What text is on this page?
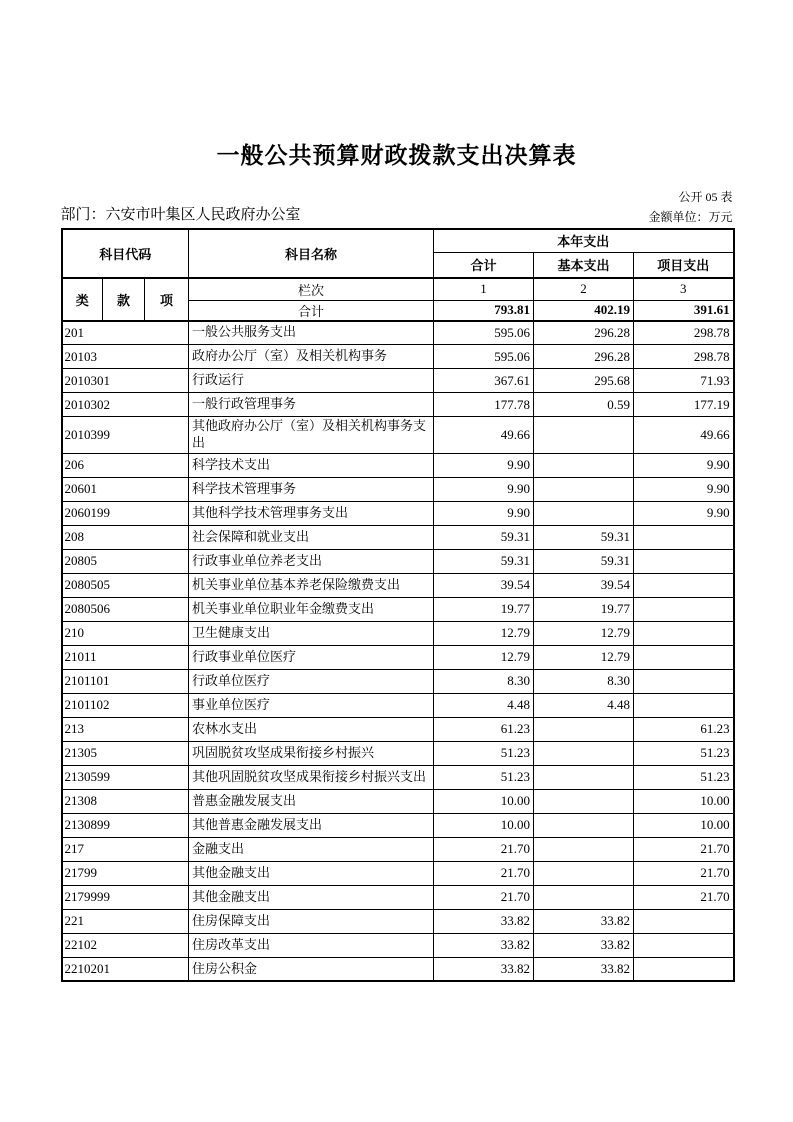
一般公共预算财政拨款支出决算表
公开 05 表
部门：六安市叶集区人民政府办公室	金额单位：万元
科目代码			科目名称	本年支出		
				合计	基本支出	项目支出
类	款	项	栏次	1	2	3
			合计	793.81	402.19	391.61
201			一般公共服务支出	595.06	296.28	298.78
20103			政府办公厅（室）及相关机构事务	595.06	296.28	298.78
2010301			行政运行	367.61	295.68	71.93
2010302			一般行政管理事务	177.78	0.59	177.19
2010399			其他政府办公厅（室）及相关机构事务支出	49.66		49.66
206			科学技术支出	9.90		9.90
20601			科学技术管理事务	9.90		9.90
2060199			其他科学技术管理事务支出	9.90		9.90
208			社会保障和就业支出	59.31	59.31	
20805			行政事业单位养老支出	59.31	59.31	
2080505			机关事业单位基本养老保险缴费支出	39.54	39.54	
2080506			机关事业单位职业年金缴费支出	19.77	19.77	
210			卫生健康支出	12.79	12.79	
21011			行政事业单位医疗	12.79	12.79	
2101101			行政单位医疗	8.30	8.30	
2101102			事业单位医疗	4.48	4.48	
213			农林水支出	61.23		61.23
21305			巩固脱贫攻坚成果衔接乡村振兴	51.23		51.23
2130599			其他巩固脱贫攻坚成果衔接乡村振兴支出	51.23		51.23
21308			普惠金融发展支出	10.00		10.00
2130899			其他普惠金融发展支出	10.00		10.00
217			金融支出	21.70		21.70
21799			其他金融支出	21.70		21.70
2179999			其他金融支出	21.70		21.70
221			住房保障支出	33.82	33.82	
22102			住房改革支出	33.82	33.82	
2210201			住房公积金	33.82	33.82	
